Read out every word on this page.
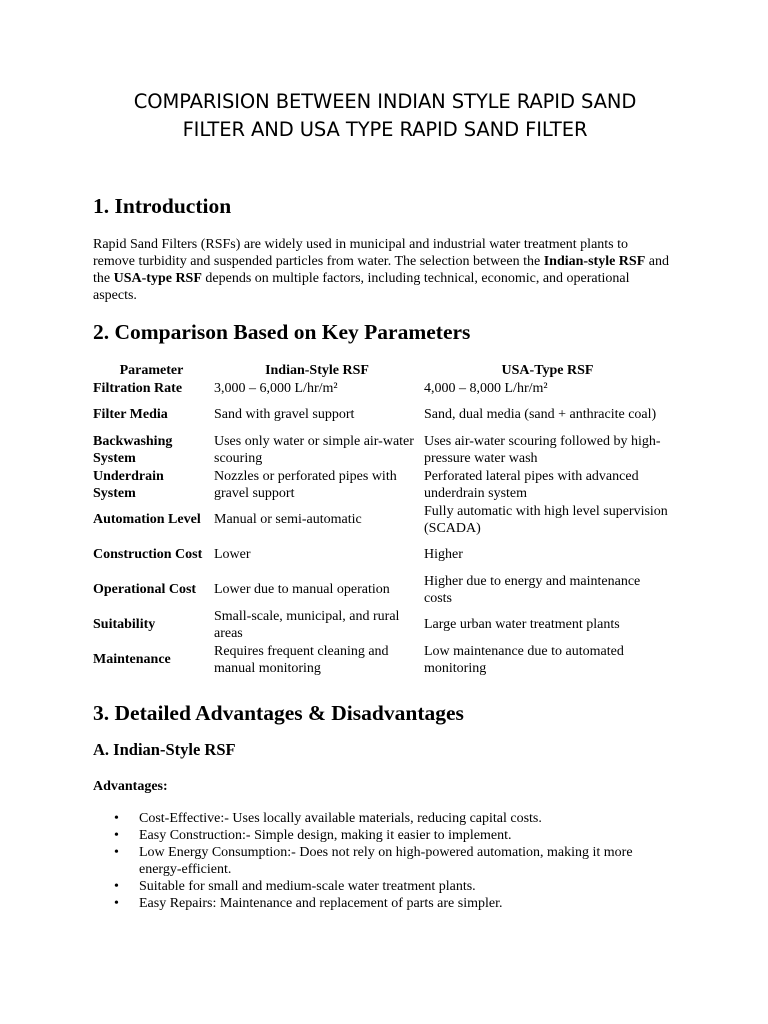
COMPARISION BETWEEN INDIAN STYLE RAPID SAND
FILTER AND USA TYPE RAPID SAND FILTER
1. Introduction

Rapid Sand Filters (RSFs) are widely used in municipal and industrial water treatment plants to remove turbidity and suspended particles from water. The selection between the Indian-style RSF and the USA-type RSF depends on multiple factors, including technical, economic, and operational aspects.

2. Comparison Based on Key Parameters
Parameter	Indian-Style RSF	USA-Type RSF
Filtration Rate	3,000 – 6,000 L/hr/m²	4,000 – 8,000 L/hr/m²
Filter Media	Sand with gravel support	Sand, dual media (sand + anthracite coal)
Backwashing System	Uses only water or simple air-water scouring	Uses air-water scouring followed by high-pressure water wash
Underdrain System	Nozzles or perforated pipes with gravel support	Perforated lateral pipes with advanced underdrain system
Automation Level	Manual or semi-automatic	Fully automatic with high level supervision (SCADA)
Construction Cost	Lower	Higher
Operational Cost	Lower due to manual operation	Higher due to energy and maintenance costs
Suitability	Small-scale, municipal, and rural areas	Large urban water treatment plants
Maintenance	Requires frequent cleaning and manual monitoring	Low maintenance due to automated monitoring
3. Detailed Advantages & Disadvantages
A. Indian-Style RSF
Advantages:
• Cost-Effective:- Uses locally available materials, reducing capital costs.
• Easy Construction:- Simple design, making it easier to implement.
• Low Energy Consumption:- Does not rely on high-powered automation, making it more energy-efficient.
• Suitable for small and medium-scale water treatment plants.
• Easy Repairs: Maintenance and replacement of parts are simpler.
